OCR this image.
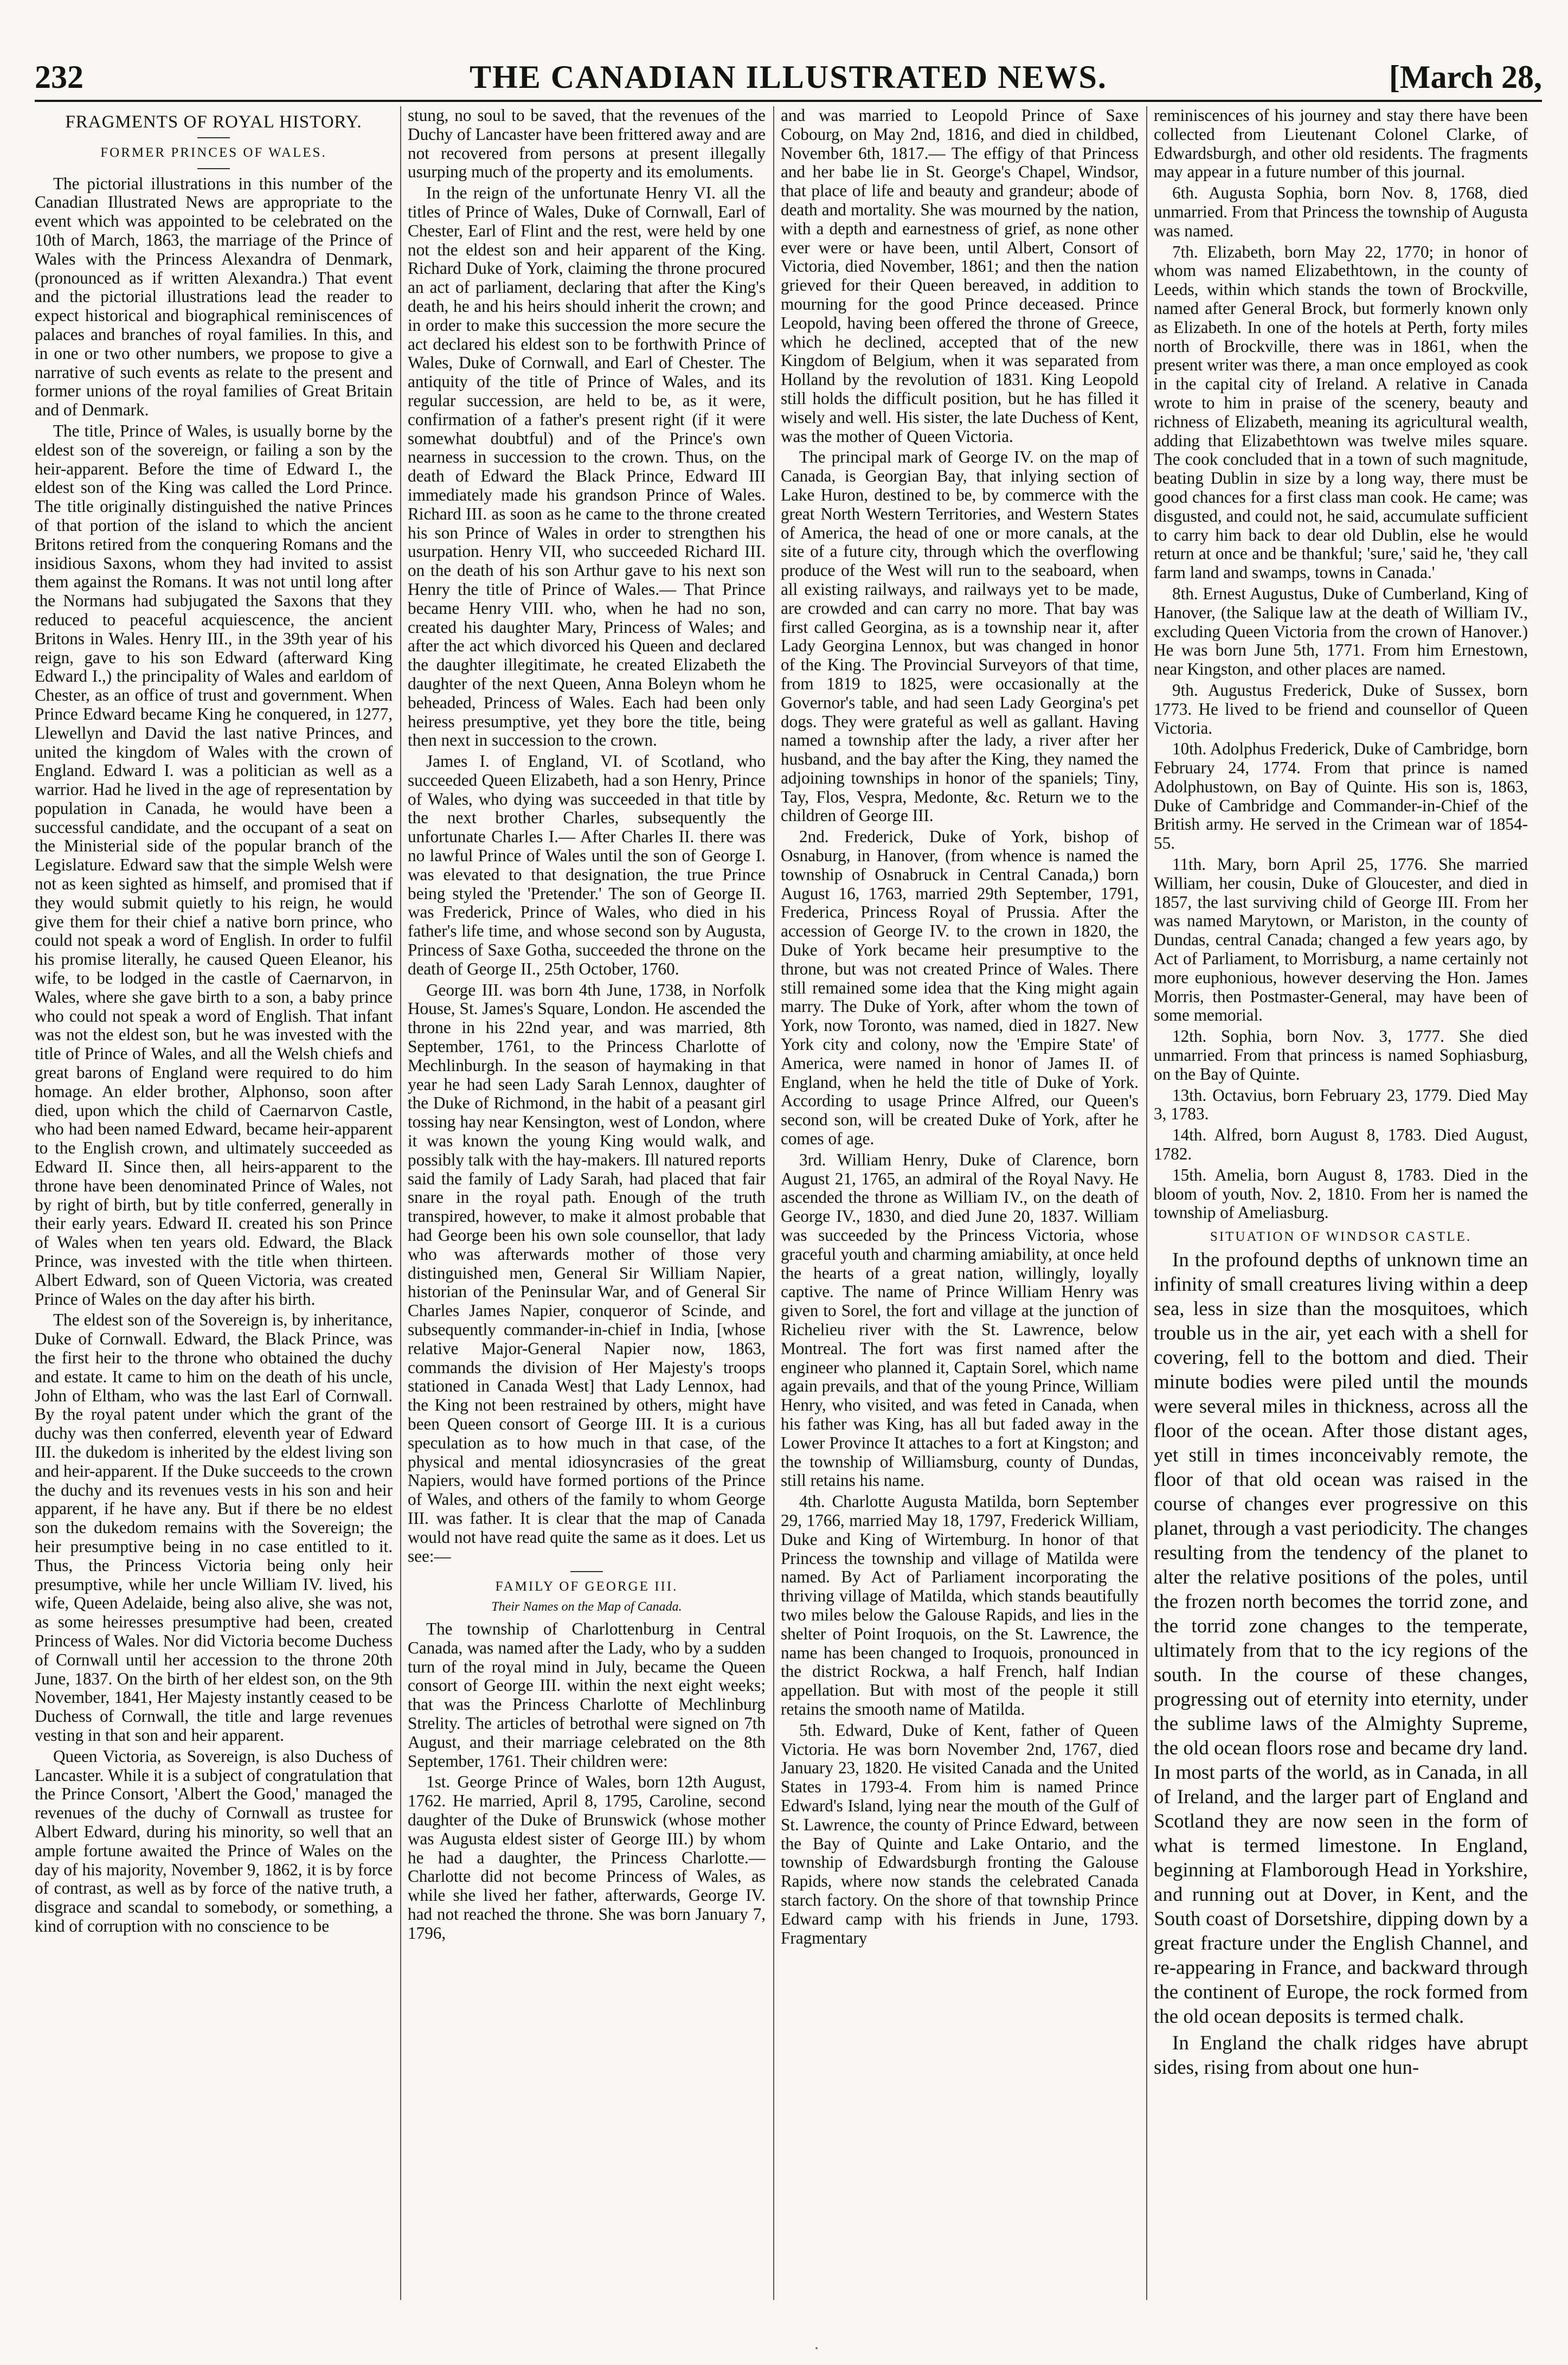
232	THE CANADIAN ILLUSTRATED NEWS.	[March 28,
FRAGMENTS OF ROYAL HISTORY.
FORMER PRINCES OF WALES.

The pictorial illustrations in this number of the Canadian Illustrated News are appropriate to the event which was appointed to be celebrated on the 10th of March, 1863, the marriage of the Prince of Wales with the Princess Alexandra of Denmark, (pronounced as if written Alexandra.) That event and the pictorial illustrations lead the reader to expect historical and biographical reminiscences of palaces and branches of royal families. In this, and in one or two other numbers, we propose to give a narrative of such events as relate to the present and former unions of the royal families of Great Britain and of Denmark.

The title, Prince of Wales, is usually borne by the eldest son of the sovereign, or failing a son by the heir-apparent. Before the time of Edward I., the eldest son of the King was called the Lord Prince. The title originally distinguished the native Princes of that portion of the island to which the ancient Britons retired from the conquering Romans and the insidious Saxons, whom they had invited to assist them against the Romans. It was not until long after the Normans had subjugated the Saxons that they reduced to peaceful acquiescence, the ancient Britons in Wales. Henry III., in the 39th year of his reign, gave to his son Edward (afterward King Edward I.,) the principality of Wales and earldom of Chester, as an office of trust and government. When Prince Edward became King he conquered, in 1277, Llewellyn and David the last native Princes, and united the kingdom of Wales with the crown of England. Edward I. was a politician as well as a warrior. Had he lived in the age of representation by population in Canada, he would have been a successful candidate, and the occupant of a seat on the Ministerial side of the popular branch of the Legislature. Edward saw that the simple Welsh were not as keen sighted as himself, and promised that if they would submit quietly to his reign, he would give them for their chief a native born prince, who could not speak a word of English. In order to fulfil his promise literally, he caused Queen Eleanor, his wife, to be lodged in the castle of Caernarvon, in Wales, where she gave birth to a son, a baby prince who could not speak a word of English. That infant was not the eldest son, but he was invested with the title of Prince of Wales, and all the Welsh chiefs and great barons of England were required to do him homage. An elder brother, Alphonso, soon after died, upon which the child of Caernarvon Castle, who had been named Edward, became heir-apparent to the English crown, and ultimately succeeded as Edward II. Since then, all heirs-apparent to the throne have been denominated Prince of Wales, not by right of birth, but by title conferred, generally in their early years. Edward II. created his son Prince of Wales when ten years old. Edward, the Black Prince, was invested with the title when thirteen. Albert Edward, son of Queen Victoria, was created Prince of Wales on the day after his birth.

The eldest son of the Sovereign is, by inheritance, Duke of Cornwall. Edward, the Black Prince, was the first heir to the throne who obtained the duchy and estate. It came to him on the death of his uncle, John of Eltham, who was the last Earl of Cornwall. By the royal patent under which the grant of the duchy was then conferred, eleventh year of Edward III. the dukedom is inherited by the eldest living son and heir-apparent. If the Duke succeeds to the crown the duchy and its revenues vests in his son and heir apparent, if he have any. But if there be no eldest son the dukedom remains with the Sovereign; the heir presumptive being in no case entitled to it. Thus, the Princess Victoria being only heir presumptive, while her uncle William IV. lived, his wife, Queen Adelaide, being also alive, she was not, as some heiresses presumptive had been, created Princess of Wales. Nor did Victoria become Duchess of Cornwall until her accession to the throne 20th June, 1837. On the birth of her eldest son, on the 9th November, 1841, Her Majesty instantly ceased to be Duchess of Cornwall, the title and large revenues vesting in that son and heir apparent.

Queen Victoria, as Sovereign, is also Duchess of Lancaster. While it is a subject of congratulation that the Prince Consort, 'Albert the Good,' managed the revenues of the duchy of Cornwall as trustee for Albert Edward, during his minority, so well that an ample fortune awaited the Prince of Wales on the day of his majority, November 9, 1862, it is by force of contrast, as well as by force of the native truth, a disgrace and scandal to somebody, or something, a kind of corruption with no conscience to be

stung, no soul to be saved, that the revenues of the Duchy of Lancaster have been frittered away and are not recovered from persons at present illegally usurping much of the property and its emoluments.

In the reign of the unfortunate Henry VI. all the titles of Prince of Wales, Duke of Cornwall, Earl of Chester, Earl of Flint and the rest, were held by one not the eldest son and heir apparent of the King. Richard Duke of York, claiming the throne procured an act of parliament, declaring that after the King's death, he and his heirs should inherit the crown; and in order to make this succession the more secure the act declared his eldest son to be forthwith Prince of Wales, Duke of Cornwall, and Earl of Chester. The antiquity of the title of Prince of Wales, and its regular succession, are held to be, as it were, confirmation of a father's present right (if it were somewhat doubtful) and of the Prince's own nearness in succession to the crown. Thus, on the death of Edward the Black Prince, Edward III immediately made his grandson Prince of Wales. Richard III. as soon as he came to the throne created his son Prince of Wales in order to strengthen his usurpation. Henry VII, who succeeded Richard III. on the death of his son Arthur gave to his next son Henry the title of Prince of Wales.— That Prince became Henry VIII. who, when he had no son, created his daughter Mary, Princess of Wales; and after the act which divorced his Queen and declared the daughter illegitimate, he created Elizabeth the daughter of the next Queen, Anna Boleyn whom he beheaded, Princess of Wales. Each had been only heiress presumptive, yet they bore the title, being then next in succession to the crown.

James I. of England, VI. of Scotland, who succeeded Queen Elizabeth, had a son Henry, Prince of Wales, who dying was succeeded in that title by the next brother Charles, subsequently the unfortunate Charles I.— After Charles II. there was no lawful Prince of Wales until the son of George I. was elevated to that designation, the true Prince being styled the 'Pretender.' The son of George II. was Frederick, Prince of Wales, who died in his father's life time, and whose second son by Augusta, Princess of Saxe Gotha, succeeded the throne on the death of George II., 25th October, 1760.

George III. was born 4th June, 1738, in Norfolk House, St. James's Square, London. He ascended the throne in his 22nd year, and was married, 8th September, 1761, to the Princess Charlotte of Mechlinburgh. In the season of haymaking in that year he had seen Lady Sarah Lennox, daughter of the Duke of Richmond, in the habit of a peasant girl tossing hay near Kensington, west of London, where it was known the young King would walk, and possibly talk with the hay-makers. Ill natured reports said the family of Lady Sarah, had placed that fair snare in the royal path. Enough of the truth transpired, however, to make it almost probable that had George been his own sole counsellor, that lady who was afterwards mother of those very distinguished men, General Sir William Napier, historian of the Peninsular War, and of General Sir Charles James Napier, conqueror of Scinde, and subsequently commander-in-chief in India, [whose relative Major-General Napier now, 1863, commands the division of Her Majesty's troops stationed in Canada West] that Lady Lennox, had the King not been restrained by others, might have been Queen consort of George III. It is a curious speculation as to how much in that case, of the physical and mental idiosyncrasies of the great Napiers, would have formed portions of the Prince of Wales, and others of the family to whom George III. was father. It is clear that the map of Canada would not have read quite the same as it does. Let us see:—

FAMILY OF GEORGE III.
Their Names on the Map of Canada.

The township of Charlottenburg in Central Canada, was named after the Lady, who by a sudden turn of the royal mind in July, became the Queen consort of George III. within the next eight weeks; that was the Princess Charlotte of Mechlinburg Strelity. The articles of betrothal were signed on 7th August, and their marriage celebrated on the 8th September, 1761. Their children were:

1st. George Prince of Wales, born 12th August, 1762. He married, April 8, 1795, Caroline, second daughter of the Duke of Brunswick (whose mother was Augusta eldest sister of George III.) by whom he had a daughter, the Princess Charlotte.— Charlotte did not become Princess of Wales, as while she lived her father, afterwards, George IV. had not reached the throne. She was born January 7, 1796,

and was married to Leopold Prince of Saxe Cobourg, on May 2nd, 1816, and died in childbed, November 6th, 1817.— The effigy of that Princess and her babe lie in St. George's Chapel, Windsor, that place of life and beauty and grandeur; abode of death and mortality. She was mourned by the nation, with a depth and earnestness of grief, as none other ever were or have been, until Albert, Consort of Victoria, died November, 1861; and then the nation grieved for their Queen bereaved, in addition to mourning for the good Prince deceased. Prince Leopold, having been offered the throne of Greece, which he declined, accepted that of the new Kingdom of Belgium, when it was separated from Holland by the revolution of 1831. King Leopold still holds the difficult position, but he has filled it wisely and well. His sister, the late Duchess of Kent, was the mother of Queen Victoria.

The principal mark of George IV. on the map of Canada, is Georgian Bay, that inlying section of Lake Huron, destined to be, by commerce with the great North Western Territories, and Western States of America, the head of one or more canals, at the site of a future city, through which the overflowing produce of the West will run to the seaboard, when all existing railways, and railways yet to be made, are crowded and can carry no more. That bay was first called Georgina, as is a township near it, after Lady Georgina Lennox, but was changed in honor of the King. The Provincial Surveyors of that time, from 1819 to 1825, were occasionally at the Governor's table, and had seen Lady Georgina's pet dogs. They were grateful as well as gallant. Having named a township after the lady, a river after her husband, and the bay after the King, they named the adjoining townships in honor of the spaniels; Tiny, Tay, Flos, Vespra, Medonte, &c. Return we to the children of George III.

2nd. Frederick, Duke of York, bishop of Osnaburg, in Hanover, (from whence is named the township of Osnabruck in Central Canada,) born August 16, 1763, married 29th September, 1791, Frederica, Princess Royal of Prussia. After the accession of George IV. to the crown in 1820, the Duke of York became heir presumptive to the throne, but was not created Prince of Wales. There still remained some idea that the King might again marry. The Duke of York, after whom the town of York, now Toronto, was named, died in 1827. New York city and colony, now the 'Empire State' of America, were named in honor of James II. of England, when he held the title of Duke of York. According to usage Prince Alfred, our Queen's second son, will be created Duke of York, after he comes of age.

3rd. William Henry, Duke of Clarence, born August 21, 1765, an admiral of the Royal Navy. He ascended the throne as William IV., on the death of George IV., 1830, and died June 20, 1837. William was succeeded by the Princess Victoria, whose graceful youth and charming amiability, at once held the hearts of a great nation, willingly, loyally captive. The name of Prince William Henry was given to Sorel, the fort and village at the junction of Richelieu river with the St. Lawrence, below Montreal. The fort was first named after the engineer who planned it, Captain Sorel, which name again prevails, and that of the young Prince, William Henry, who visited, and was feted in Canada, when his father was King, has all but faded away in the Lower Province It attaches to a fort at Kingston; and the township of Williamsburg, county of Dundas, still retains his name.

4th. Charlotte Augusta Matilda, born September 29, 1766, married May 18, 1797, Frederick William, Duke and King of Wirtemburg. In honor of that Princess the township and village of Matilda were named. By Act of Parliament incorporating the thriving village of Matilda, which stands beautifully two miles below the Galouse Rapids, and lies in the shelter of Point Iroquois, on the St. Lawrence, the name has been changed to Iroquois, pronounced in the district Rockwa, a half French, half Indian appellation. But with most of the people it still retains the smooth name of Matilda.

5th. Edward, Duke of Kent, father of Queen Victoria. He was born November 2nd, 1767, died January 23, 1820. He visited Canada and the United States in 1793-4. From him is named Prince Edward's Island, lying near the mouth of the Gulf of St. Lawrence, the county of Prince Edward, between the Bay of Quinte and Lake Ontario, and the township of Edwardsburgh fronting the Galouse Rapids, where now stands the celebrated Canada starch factory. On the shore of that township Prince Edward camp with his friends in June, 1793. Fragmentary

reminiscences of his journey and stay there have been collected from Lieutenant Colonel Clarke, of Edwardsburgh, and other old residents. The fragments may appear in a future number of this journal.

6th. Augusta Sophia, born Nov. 8, 1768, died unmarried. From that Princess the township of Augusta was named.

7th. Elizabeth, born May 22, 1770; in honor of whom was named Elizabethtown, in the county of Leeds, within which stands the town of Brockville, named after General Brock, but formerly known only as Elizabeth. In one of the hotels at Perth, forty miles north of Brockville, there was in 1861, when the present writer was there, a man once employed as cook in the capital city of Ireland. A relative in Canada wrote to him in praise of the scenery, beauty and richness of Elizabeth, meaning its agricultural wealth, adding that Elizabethtown was twelve miles square. The cook concluded that in a town of such magnitude, beating Dublin in size by a long way, there must be good chances for a first class man cook. He came; was disgusted, and could not, he said, accumulate sufficient to carry him back to dear old Dublin, else he would return at once and be thankful; 'sure,' said he, 'they call farm land and swamps, towns in Canada.'

8th. Ernest Augustus, Duke of Cumberland, King of Hanover, (the Salique law at the death of William IV., excluding Queen Victoria from the crown of Hanover.) He was born June 5th, 1771. From him Ernestown, near Kingston, and other places are named.

9th. Augustus Frederick, Duke of Sussex, born 1773. He lived to be friend and counsellor of Queen Victoria.

10th. Adolphus Frederick, Duke of Cambridge, born February 24, 1774. From that prince is named Adolphustown, on Bay of Quinte. His son is, 1863, Duke of Cambridge and Commander-in-Chief of the British army. He served in the Crimean war of 1854-55.

11th. Mary, born April 25, 1776. She married William, her cousin, Duke of Gloucester, and died in 1857, the last surviving child of George III. From her was named Marytown, or Mariston, in the county of Dundas, central Canada; changed a few years ago, by Act of Parliament, to Morrisburg, a name certainly not more euphonious, however deserving the Hon. James Morris, then Postmaster-General, may have been of some memorial.

12th. Sophia, born Nov. 3, 1777. She died unmarried. From that princess is named Sophiasburg, on the Bay of Quinte.

13th. Octavius, born February 23, 1779. Died May 3, 1783.

14th. Alfred, born August 8, 1783. Died August, 1782.

15th. Amelia, born August 8, 1783. Died in the bloom of youth, Nov. 2, 1810. From her is named the township of Ameliasburg.

SITUATION OF WINDSOR CASTLE.

In the profound depths of unknown time an infinity of small creatures living within a deep sea, less in size than the mosquitoes, which trouble us in the air, yet each with a shell for covering, fell to the bottom and died. Their minute bodies were piled until the mounds were several miles in thickness, across all the floor of the ocean. After those distant ages, yet still in times inconceivably remote, the floor of that old ocean was raised in the course of changes ever progressive on this planet, through a vast periodicity. The changes resulting from the tendency of the planet to alter the relative positions of the poles, until the frozen north becomes the torrid zone, and the torrid zone changes to the temperate, ultimately from that to the icy regions of the south. In the course of these changes, progressing out of eternity into eternity, under the sublime laws of the Almighty Supreme, the old ocean floors rose and became dry land. In most parts of the world, as in Canada, in all of Ireland, and the larger part of England and Scotland they are now seen in the form of what is termed limestone. In England, beginning at Flamborough Head in Yorkshire, and running out at Dover, in Kent, and the South coast of Dorsetshire, dipping down by a great fracture under the English Channel, and re-appearing in France, and backward through the continent of Europe, the rock formed from the old ocean deposits is termed chalk.

In England the chalk ridges have abrupt sides, rising from about one hun-
